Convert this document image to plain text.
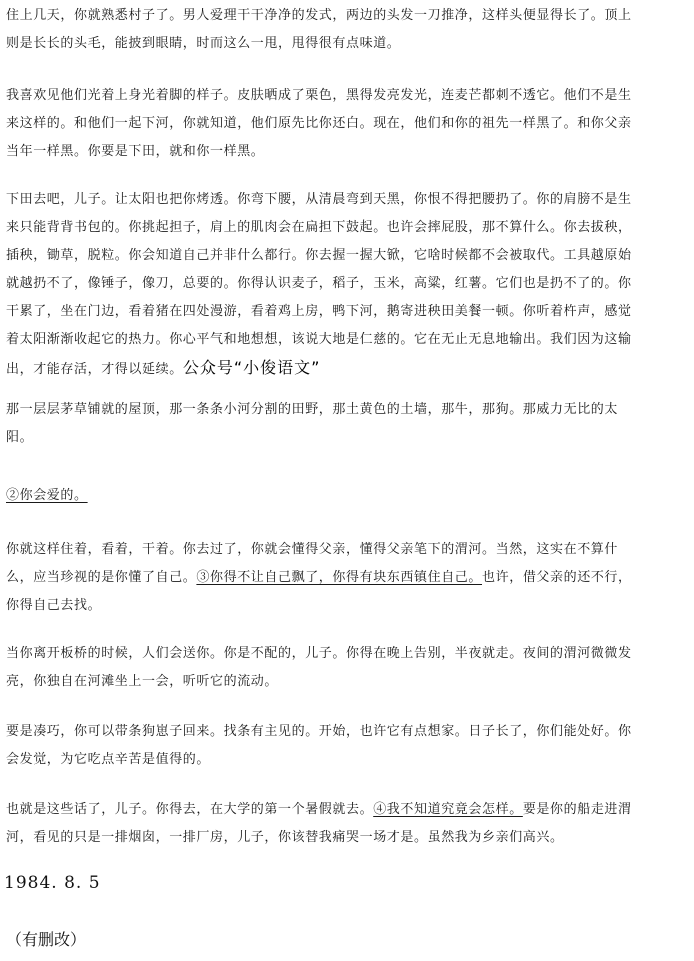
住上几天，你就熟悉村子了。男人爱理干干净净的发式，两边的头发一刀推净，这样头便显得长了。顶上
则是长长的头毛，能披到眼睛，时而这么一甩，甩得很有点味道。

我喜欢见他们光着上身光着脚的样子。皮肤晒成了栗色，黑得发亮发光，连麦芒都刺不透它。他们不是生
来这样的。和他们一起下河，你就知道，他们原先比你还白。现在，他们和你的祖先一样黑了。和你父亲
当年一样黑。你要是下田，就和你一样黑。

下田去吧，儿子。让太阳也把你烤透。你弯下腰，从清晨弯到天黑，你恨不得把腰扔了。你的肩膀不是生
来只能背背书包的。你挑起担子，肩上的肌肉会在扁担下鼓起。也许会摔屁股，那不算什么。你去拔秧，
插秧，锄草，脱粒。你会知道自己并非什么都行。你去握一握大锨，它啥时候都不会被取代。工具越原始
就越扔不了，像锤子，像刀，总要的。你得认识麦子，稻子，玉米，高粱，红薯。它们也是扔不了的。你
干累了，坐在门边，看着猪在四处漫游，看着鸡上房，鸭下河，鹅寄进秧田美餐一顿。你听着杵声，感觉
着太阳渐渐收起它的热力。你心平气和地想想，该说大地是仁慈的。它在无止无息地输出。我们因为这输
出，才能存活，才得以延续。公众号“小俊语文”

那一层层茅草铺就的屋顶，那一条条小河分割的田野，那土黄色的土墙，那牛，那狗。那威力无比的太
阳。

②你会爱的。

你就这样住着，看着，干着。你去过了，你就会懂得父亲，懂得父亲笔下的渭河。当然，这实在不算什
么，应当珍视的是你懂了自己。③你得不让自己飘了，你得有块东西镇住自己。也许，借父亲的还不行，
你得自己去找。

当你离开板桥的时候，人们会送你。你是不配的，儿子。你得在晚上告别，半夜就走。夜间的渭河微微发
亮，你独自在河滩坐上一会，听听它的流动。

要是凑巧，你可以带条狗崽子回来。找条有主见的。开始，也许它有点想家。日子长了，你们能处好。你
会发觉，为它吃点辛苦是值得的。

也就是这些话了，儿子。你得去，在大学的第一个暑假就去。④我不知道究竟会怎样。要是你的船走进渭
河，看见的只是一排烟囱，一排厂房，儿子，你该替我痛哭一场才是。虽然我为乡亲们高兴。

1984. 8. 5
（有删改）
